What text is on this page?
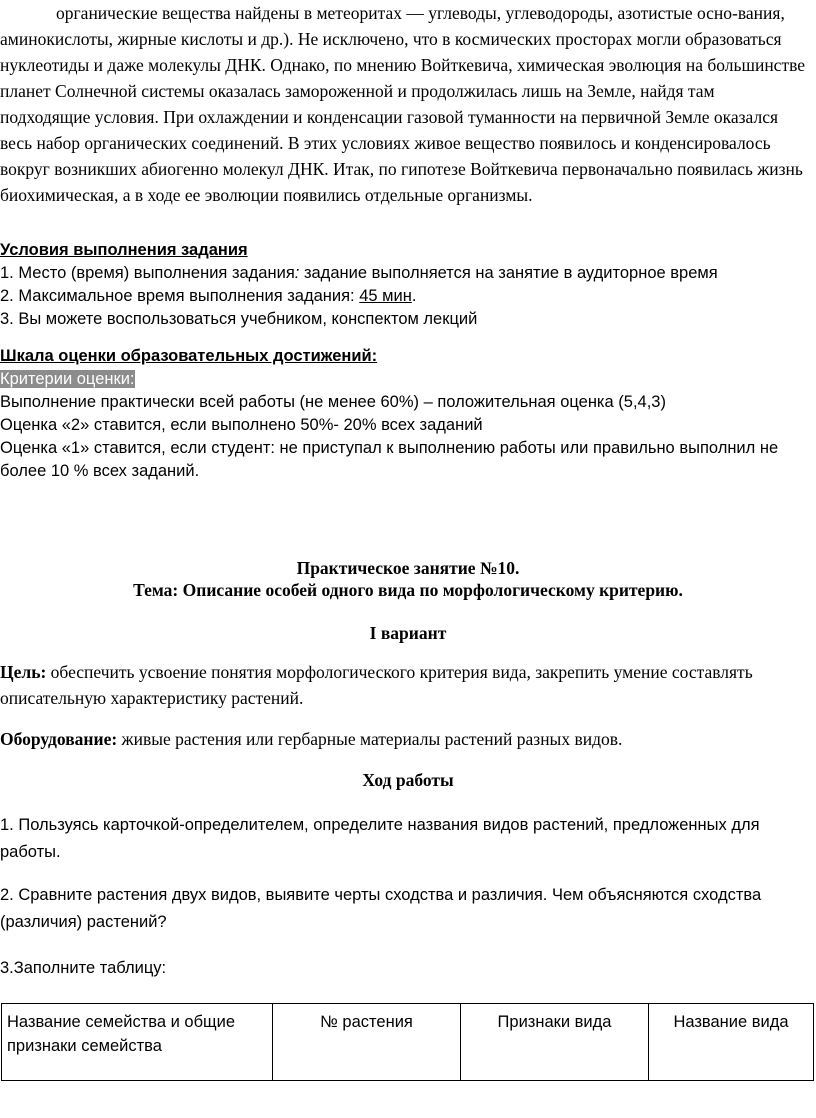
органические вещества найдены в метеоритах — углеводы, углеводороды, азотистые осно-вания, аминокислоты, жирные кислоты и др.). Не исключено, что в космических просторах могли образоваться нуклеотиды и даже молекулы ДНК. Однако, по мнению Войткевича, химическая эволюция на большинстве планет Солнечной системы оказалась замороженной и продолжилась лишь на Земле, найдя там подходящие условия. При охлаждении и конденсации газовой туманности на первичной Земле оказался весь набор органических соединений. В этих условиях живое вещество появилось и конденсировалось вокруг возникших абиогенно молекул ДНК. Итак, по гипотезе Войткевича первоначально появилась жизнь биохимическая, а в ходе ее эволюции появились отдельные организмы.

Условия выполнения задания

1. Место (время) выполнения задания: задание выполняется на занятие в аудиторное время

2. Максимальное время выполнения задания: 45 мин.

3. Вы можете воспользоваться учебником, конспектом лекций

Шкала оценки образовательных достижений:

Критерии оценки:

Выполнение практически всей работы (не менее 60%) – положительная оценка (5,4,3)

Оценка «2» ставится, если выполнено 50%- 20% всех заданий

Оценка «1» ставится, если студент: не приступал к выполнению работы или правильно выполнил не

более 10 % всех заданий.

Практическое занятие №10.

Тема: Описание особей одного вида по морфологическому критерию.

I вариант

Цель: обеспечить усвоение понятия морфологического критерия вида, закрепить умение составлять описательную характеристику растений.

Оборудование: живые растения или гербарные материалы растений разных видов.

Ход работы

1. Пользуясь карточкой-определителем, определите названия видов растений, предложенных для работы.

2. Сравните растения двух видов, выявите черты сходства и различия. Чем объясняются сходства (различия) растений?

3.Заполните таблицу:

Название семейства и общие признаки семейства	№ растения	Признаки вида	Название вида
